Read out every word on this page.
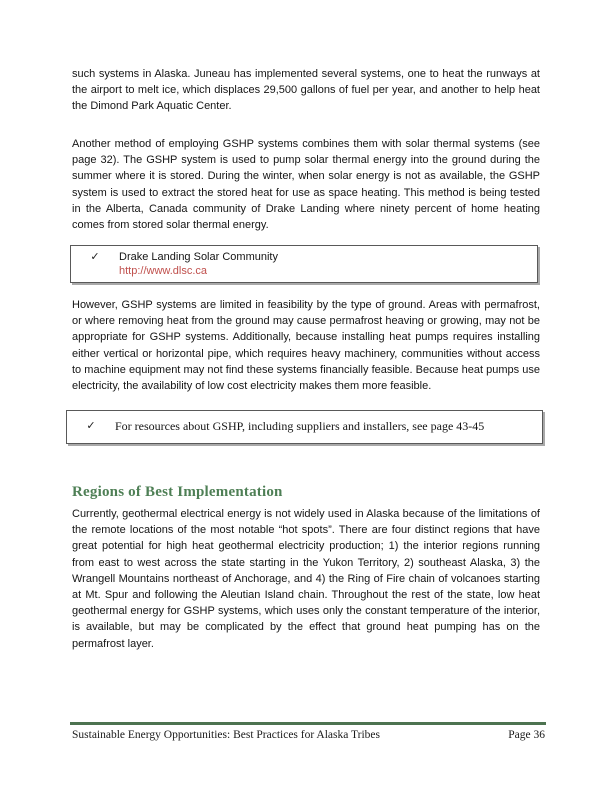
such systems in Alaska. Juneau has implemented several systems, one to heat the runways at the airport to melt ice, which displaces 29,500 gallons of fuel per year, and another to help heat the Dimond Park Aquatic Center.

Another method of employing GSHP systems combines them with solar thermal systems (see page 32). The GSHP system is used to pump solar thermal energy into the ground during the summer where it is stored. During the winter, when solar energy is not as available, the GSHP system is used to extract the stored heat for use as space heating. This method is being tested in the Alberta, Canada community of Drake Landing where ninety percent of home heating comes from stored solar thermal energy.

✓	Drake Landing Solar Community
http://www.dlsc.ca

However, GSHP systems are limited in feasibility by the type of ground. Areas with permafrost, or where removing heat from the ground may cause permafrost heaving or growing, may not be appropriate for GSHP systems. Additionally, because installing heat pumps requires installing either vertical or horizontal pipe, which requires heavy machinery, communities without access to machine equipment may not find these systems financially feasible. Because heat pumps use electricity, the availability of low cost electricity makes them more feasible.

✓	For resources about GSHP, including suppliers and installers, see page 43-45
Regions of Best Implementation

Currently, geothermal electrical energy is not widely used in Alaska because of the limitations of the remote locations of the most notable “hot spots”. There are four distinct regions that have great potential for high heat geothermal electricity production; 1) the interior regions running from east to west across the state starting in the Yukon Territory, 2) southeast Alaska, 3) the Wrangell Mountains northeast of Anchorage, and 4) the Ring of Fire chain of volcanoes starting at Mt. Spur and following the Aleutian Island chain. Throughout the rest of the state, low heat geothermal energy for GSHP systems, which uses only the constant temperature of the interior, is available, but may be complicated by the effect that ground heat pumping has on the permafrost layer.

Sustainable Energy Opportunities: Best Practices for Alaska Tribes	Page 36
